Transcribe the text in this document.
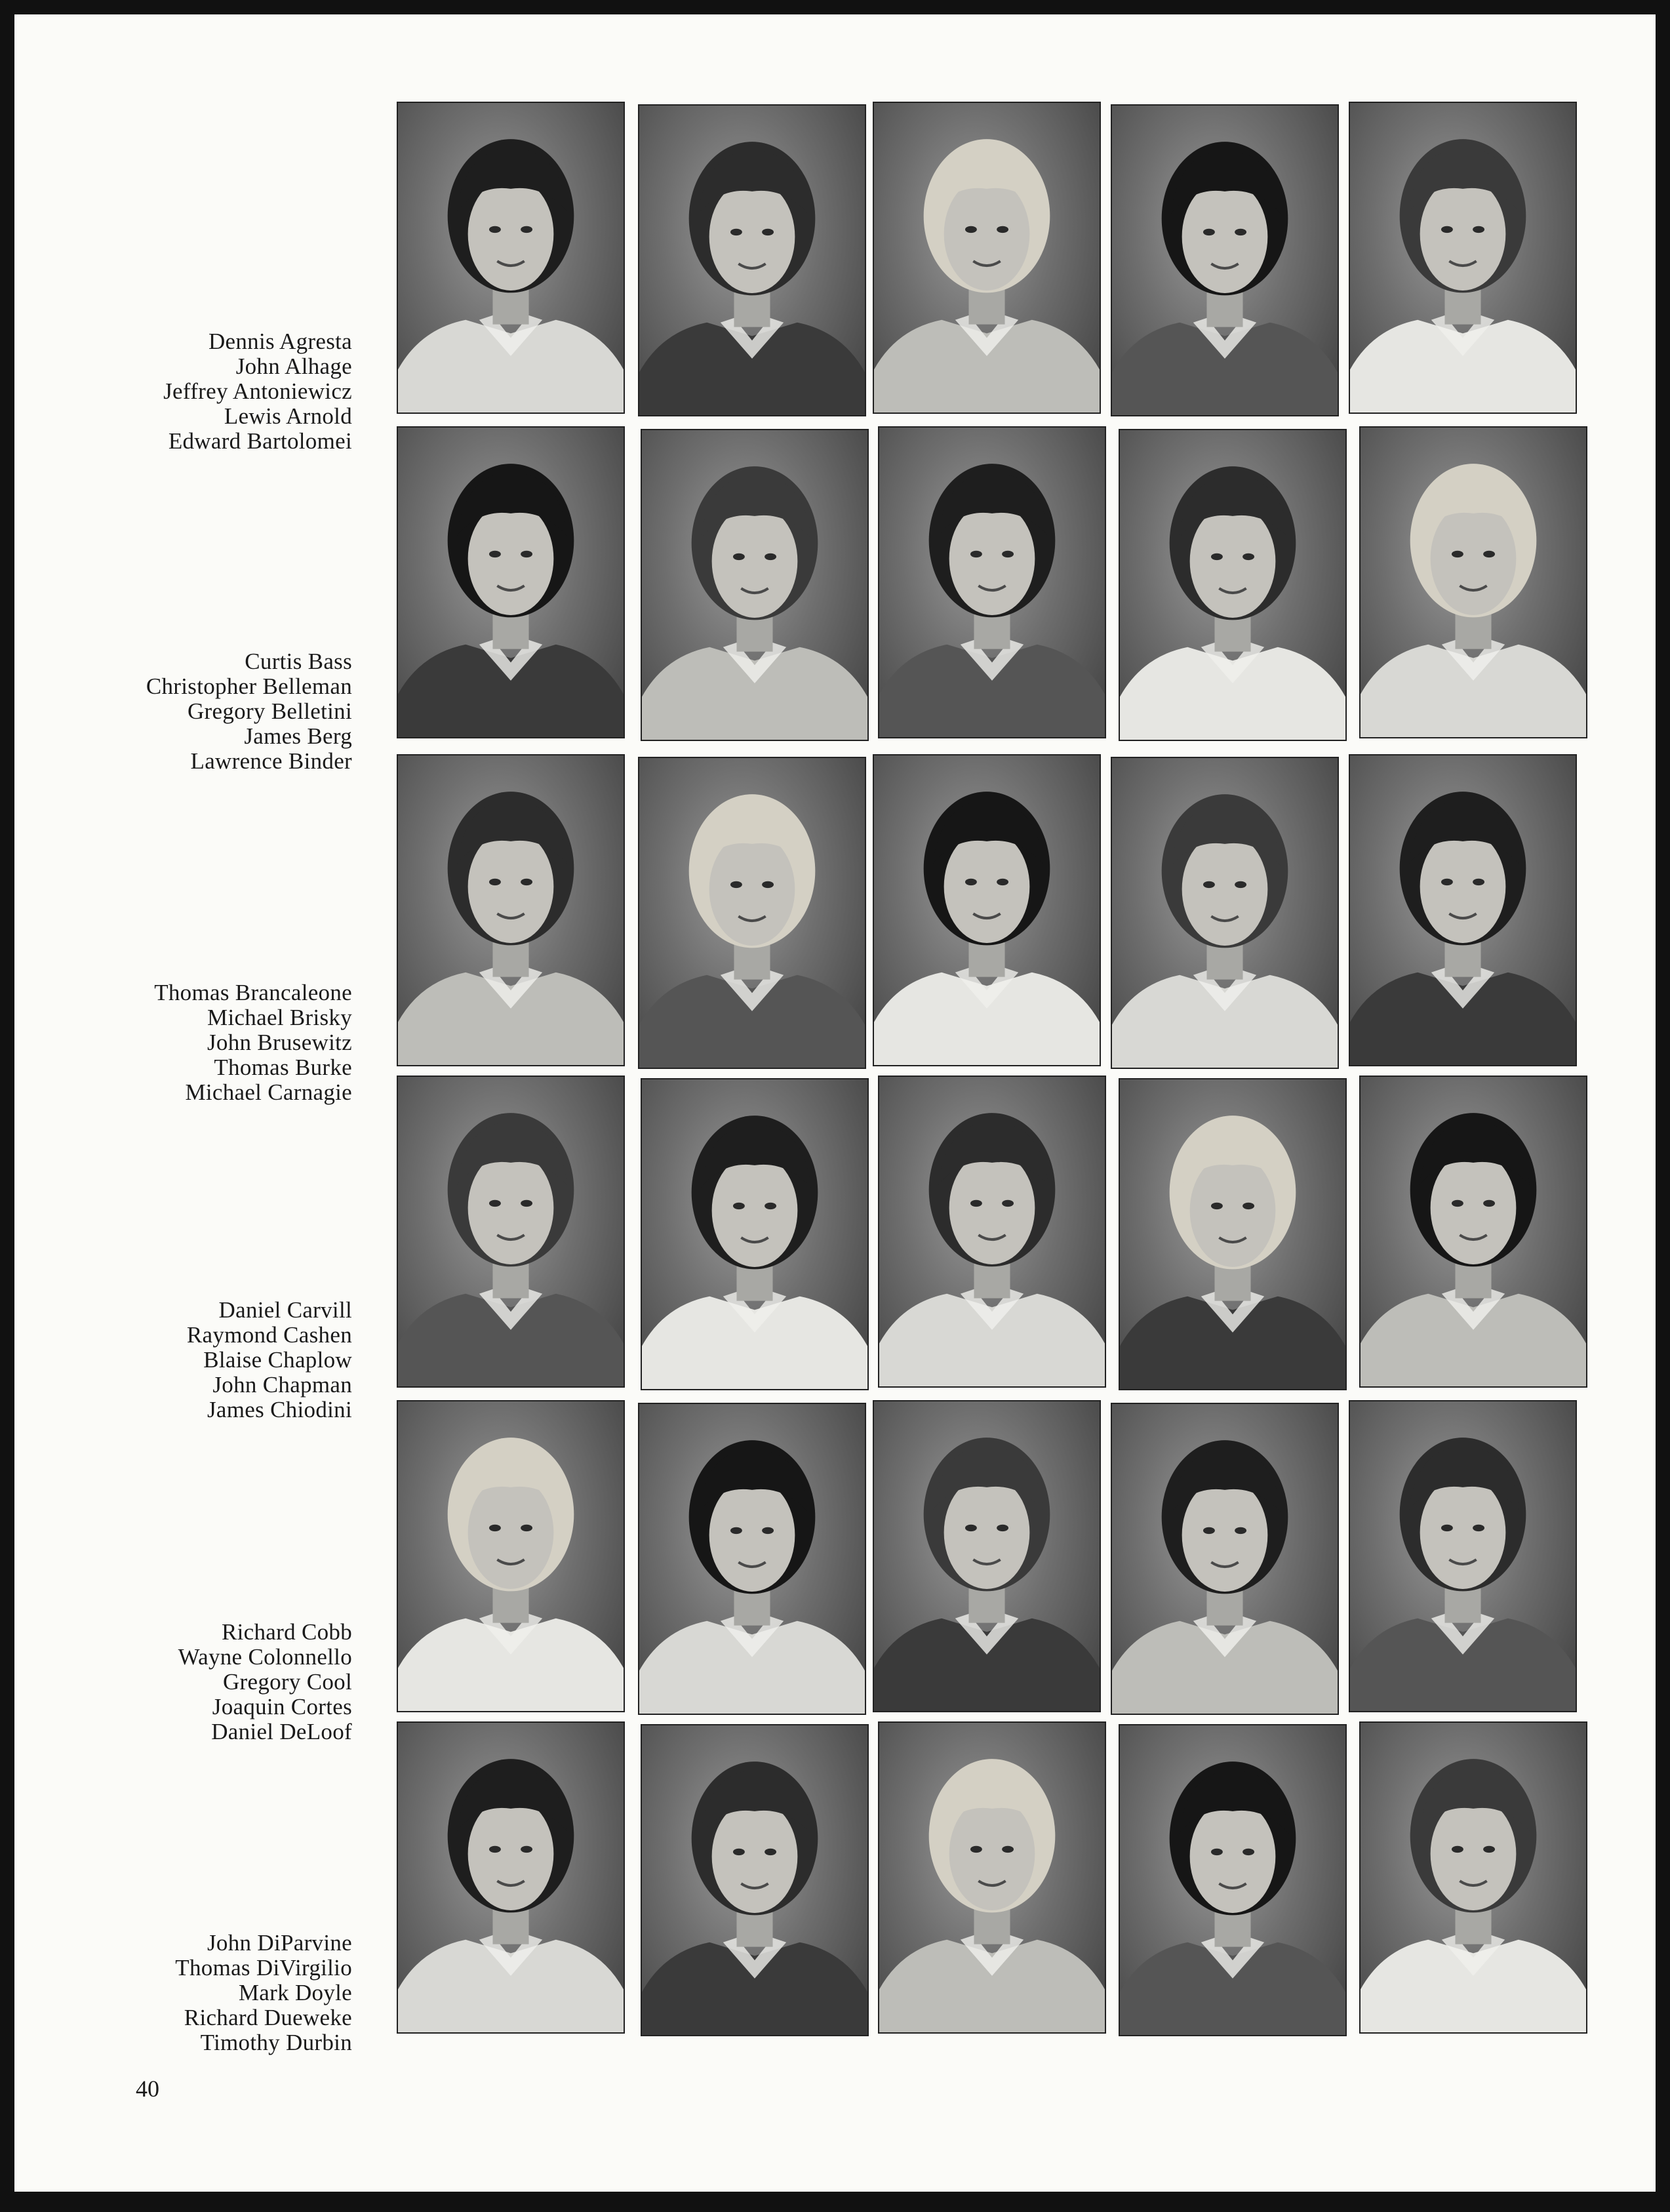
Dennis Agresta
John Alhage
Jeffrey Antoniewicz
Lewis Arnold
Edward Bartolomei
Curtis Bass
Christopher Belleman
Gregory Belletini
James Berg
Lawrence Binder
Thomas Brancaleone
Michael Brisky
John Brusewitz
Thomas Burke
Michael Carnagie
Daniel Carvill
Raymond Cashen
Blaise Chaplow
John Chapman
James Chiodini
Richard Cobb
Wayne Colonnello
Gregory Cool
Joaquin Cortes
Daniel DeLoof
John DiParvine
Thomas DiVirgilio
Mark Doyle
Richard Dueweke
Timothy Durbin
40
